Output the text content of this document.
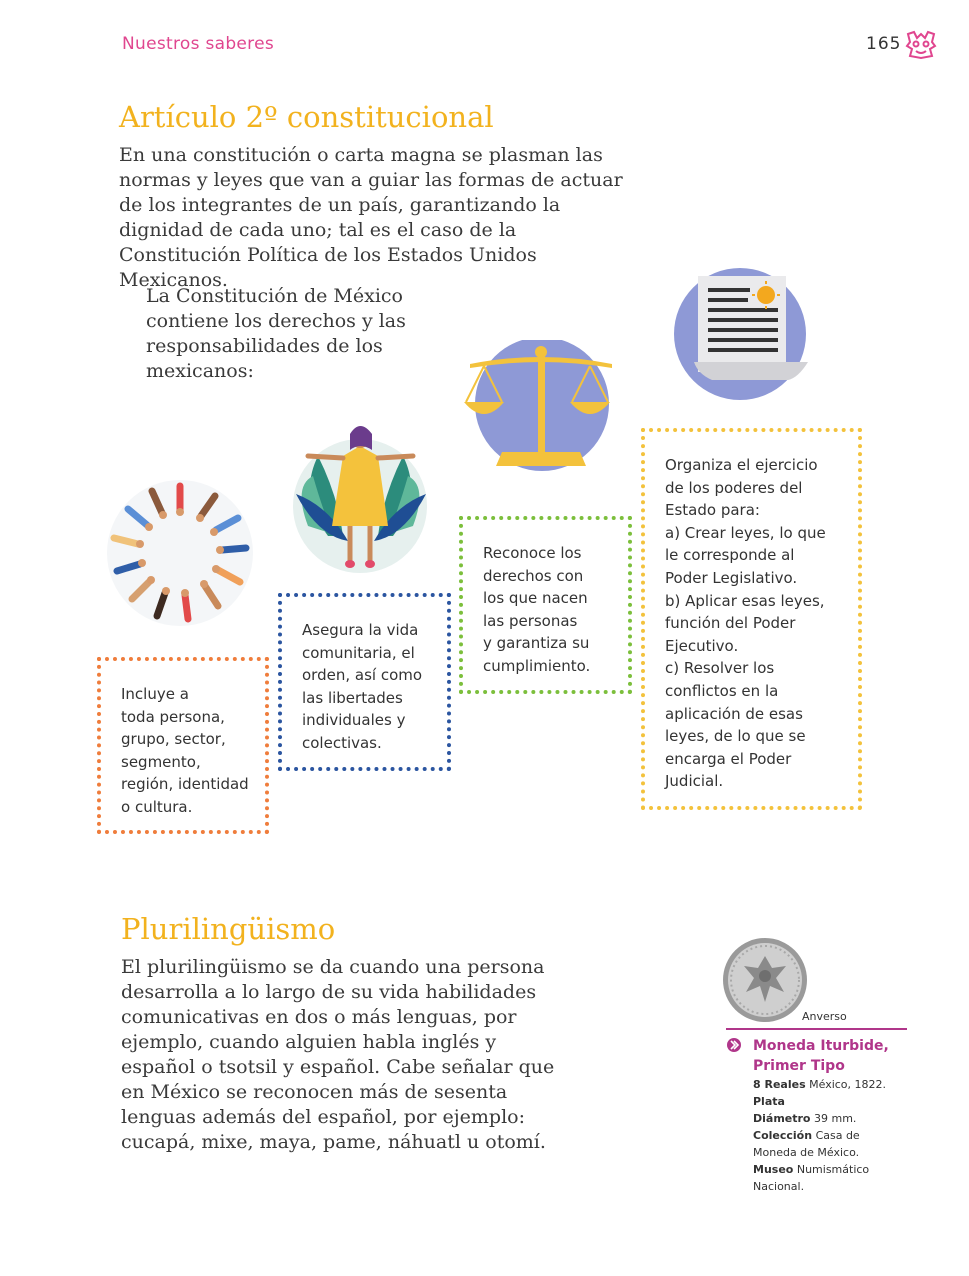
Nuestros saberes	165
Artículo 2º constitucional

En una constitución o carta magna se plasman las normas y leyes que van a guiar las formas de actuar de los integrantes de un país, garantizando la dignidad de cada uno; tal es el caso de la Constitución Política de los Estados Unidos Mexicanos.

La Constitución de México contiene los derechos y las responsabilidades de los mexicanos:

Incluye a
toda persona,
grupo, sector,
segmento,
región, identidad
o cultura.
Asegura la vida
comunitaria, el
orden, así como
las libertades
individuales y
colectivas.
Reconoce los
derechos con
los que nacen
las personas
y garantiza su
cumplimiento.
Organiza el ejercicio
de los poderes del
Estado para:
a) Crear leyes, lo que
le corresponde al
Poder Legislativo.
b) Aplicar esas leyes,
función del Poder
Ejecutivo.
c) Resolver los
conflictos en la
aplicación de esas
leyes, de lo que se
encarga el Poder
Judicial.
Plurilingüismo

El plurilingüismo se da cuando una persona desarrolla a lo largo de su vida habilidades comunicativas en dos o más lenguas, por ejemplo, cuando alguien habla inglés y español o tsotsil y español. Cabe señalar que en México se reconocen más de sesenta lenguas además del español, por ejemplo: cucapá, mixe, maya, pame, náhuatl u otomí.

Anverso
Moneda Iturbide, Primer Tipo
8 Reales México, 1822.
Plata
Diámetro 39 mm.
Colección Casa de Moneda de México.
Museo Numismático Nacional.
